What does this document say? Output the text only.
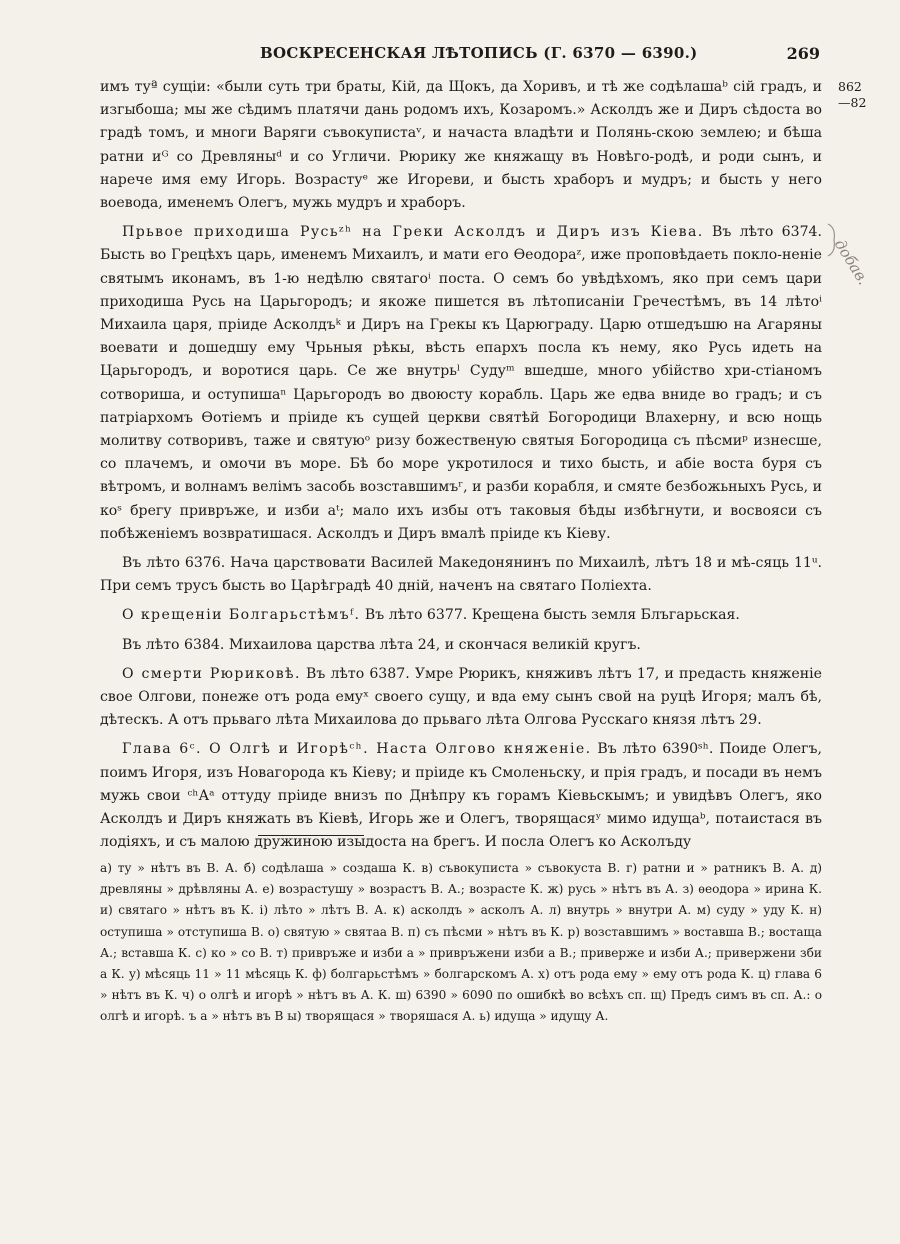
ВОСКРЕСЕНСКАЯ ЛѢТОПИСЬ (Г. 6370 — 6390.)	269
862
—82
добав.

имъ туª сущіи: «были суть три браты, Кій, да Щокъ, да Хоривъ, и тѣ же содѣлашаᵇ сій градъ, и изгыбоша; мы же сѣдимъ платячи дань родомъ ихъ, Козаромъ.» Асколдъ же и Диръ сѣдоста во градѣ томъ, и многи Варяги съвокупистаᵛ, и начаста владѣти и Полянь-скою землею; и бѣша ратни иᴳ со Древляныᵈ и со Угличи. Рюрику же княжащу въ Новѣго-родѣ, и роди сынъ, и нарече имя ему Игорь. Возрастуᵉ же Игореви, и бысть храборъ и мудръ; и бысть у него воевода, именемъ Олегъ, мужь мудръ и храборъ.

Прьвое приходиша Русьᶻʰ на Греки Асколдъ и Диръ изъ Кіева. Въ лѣто 6374. Бысть во Грецѣхъ царь, именемъ Михаилъ, и мати его Ѳеодораᶻ, иже проповѣдаеть покло-неніе святымъ иконамъ, въ 1-ю недѣлю святагоⁱ поста. О семъ бо увѣдѣхомъ, яко при семъ цари приходиша Русь на Царьгородъ; и якоже пишется въ лѣтописаніи Гречестѣмъ, въ 14 лѣтоⁱ Михаила царя, пріиде Асколдъᵏ и Диръ на Грекы къ Царюграду. Царю отшедъшю на Агаряны воевати и дошедшу ему Чрьныя рѣкы, вѣсть епархъ посла къ нему, яко Русь идеть на Царьгородъ, и воротися царь. Се же внутрьˡ Судуᵐ вшедше, много убійство хри-стіаномъ сотвориша, и оступишаⁿ Царьгородъ во двоюсту корабль. Царь же едва вниде во градъ; и съ патріархомъ Ѳотіемъ и пріиде къ сущей церкви святѣй Богородици Влахерну, и всю нощь молитву сотворивъ, таже и святуюᵒ ризу божественую святыя Богородица съ пѣсмиᵖ изнесше, со плачемъ, и омочи въ море. Бѣ бо море укротилося и тихо бысть, и абіе воста буря съ вѣтромъ, и волнамъ велімъ засобь возставшимъʳ, и разби корабля, и смяте безбожьныхъ Русь, и коˢ брегу привръже, и изби аᵗ; мало ихъ избы отъ таковыя бѣды избѣгнути, и восвояси съ побѣженіемъ возвратишася. Асколдъ и Диръ вмалѣ пріиде къ Кіеву.

Въ лѣто 6376. Нача царствовати Василей Македонянинъ по Михаилѣ, лѣтъ 18 и мѣ-сяць 11ᵘ. При семъ трусъ бысть во Царѣградѣ 40 дній, наченъ на святаго Поліехта.

О крещеніи Болгарьстѣмъᶠ. Въ лѣто 6377. Крещена бысть земля Блъгарьская.

Въ лѣто 6384. Михаилова царства лѣта 24, и скончася великій кругъ.

О смерти Рюриковѣ. Въ лѣто 6387. Умре Рюрикъ, княживъ лѣтъ 17, и предасть княженіе свое Олгови, понеже отъ рода емуˣ своего сущу, и вда ему сынъ свой на руцѣ Игоря; малъ бѣ, дѣтескъ. А отъ прьваго лѣта Михаилова до прьваго лѣта Олгова Русскаго князя лѣтъ 29.

Глава 6ᶜ. О Олгѣ и Игорѣᶜʰ. Наста Олгово княженіе. Въ лѣто 6390ˢʰ. Поиде Олегъ, поимъ Игоря, изъ Новагорода къ Кіеву; и пріиде къ Смоленьску, и прія градъ, и посади въ немъ мужь свои ᶜʰАᵃ оттуду пріиде внизъ по Днѣпру къ горамъ Кіевьскымъ; и увидѣвъ Олегъ, яко Асколдъ и Диръ княжать въ Кіевѣ, Игорь же и Олегъ, творящасяʸ мимо идущаᵇ, потаистася въ лодіяхъ, и съ малою дружиною изыдоста на брегъ. И посла Олегъ ко Асколъду

а) ту » нѣтъ въ В. А. б) содѣлаша » создаша К. в) съвокуписта » съвокуста В. г) ратни и » ратникъ В. А. д) древляны » дрѣвляны А. е) возрастушу » возрастъ В. А.; возрасте К. ж) русь » нѣтъ въ А. з) ѳеодора » ирина К. и) святаго » нѣтъ въ К. і) лѣто » лѣтъ В. А. к) асколдъ » асколъ А. л) внутрь » внутри А. м) суду » уду К. н) оступиша » отступиша В. о) святую » святаа В. п) съ пѣсми » нѣтъ въ К. р) возставшимъ » воставша В.; востаща А.; вставша К. с) ко » со В. т) привръже и изби а » привръжени изби а В.; приверже и изби А.; привержени зби а К. у) мѣсяць 11 » 11 мѣсяць К. ф) болгарьстѣмъ » болгарскомъ А. х) отъ рода ему » ему отъ рода К. ц) глава 6 » нѣтъ въ К. ч) о олгѣ и игорѣ » нѣтъ въ А. К. ш) 6390 » 6090 по ошибкѣ во всѣхъ сп. щ) Предъ симъ въ сп. А.: о олгѣ и игорѣ. ъ а » нѣтъ въ В ы) творящася » творяшася А. ь) идуща » идущу А.
